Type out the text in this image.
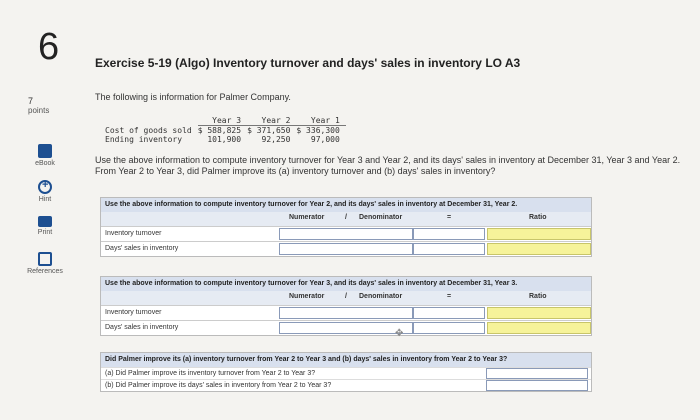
6
7
points
eBook
+
Hint
Print
References
Exercise 5-19 (Algo) Inventory turnover and days' sales in inventory LO A3
The following is information for Palmer Company.
	Year 3	Year 2	Year 1
Cost of goods sold	$ 588,825	$ 371,650	$ 336,300
Ending inventory	101,900	92,250	97,000
Use the above information to compute inventory turnover for Year 3 and Year 2, and its days' sales in inventory at December 31, Year 3 and Year 2. From Year 2 to Year 3, did Palmer improve its (a) inventory turnover and (b) days' sales in inventory?
Use the above information to compute inventory turnover for Year 2, and its days' sales in inventory at December 31, Year 2.
Numerator	/ Denominator	=	Ratio
Inventory turnover
Days' sales in inventory
Use the above information to compute inventory turnover for Year 3, and its days' sales in inventory at December 31, Year 3.
Numerator	/ Denominator	=	Ratio
Inventory turnover
Days' sales in inventory
✥
Did Palmer improve its (a) inventory turnover from Year 2 to Year 3 and (b) days' sales in inventory from Year 2 to Year 3?
(a) Did Palmer improve its inventory turnover from Year 2 to Year 3?
(b) Did Palmer improve its days' sales in inventory from Year 2 to Year 3?
